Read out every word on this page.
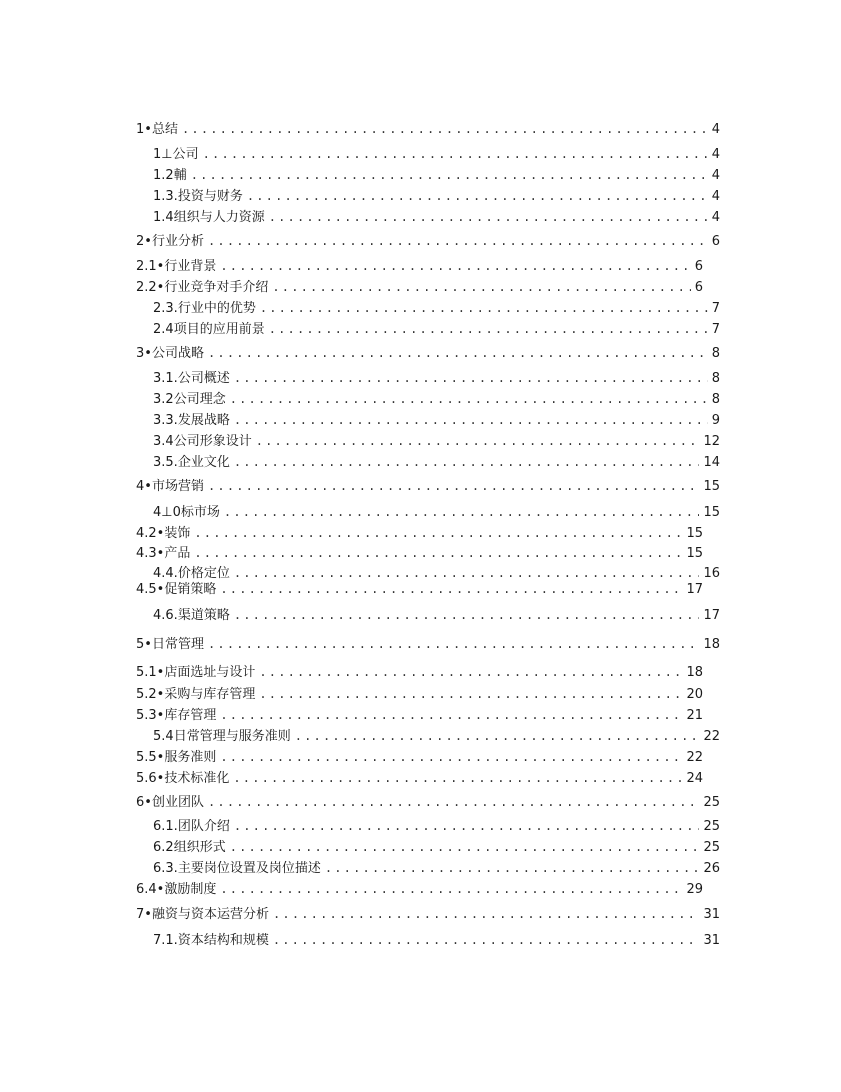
1• 总结 .....	4
1⊥ 公司 .....	4
1.2 輔 .....	4
1.3. 投资与财务 .....	4
1.4 组织与人力资源 .....	4
2• 行业分析 .....	6
2.1• 行业背景 .....	6
2.2• 行业竞争对手介绍 .....	6
2.3. 行业中的优势 .....	7
2.4 项目的应用前景 .....	7
3• 公司战略 .....	8
3.1. 公司概述 .....	8
3.2 公司理念 .....	8
3.3. 发展战略 .....	9
3.4 公司形象设计 .....	12
3.5. 企业文化 .....	14
4• 市场营销 .....	15
4⊥ 0标市场 .....	15
4.2• 装饰 .....	15
4.3• 产品 .....	15
4.4. 价格定位 .....	16
4.5• 促销策略 .....	17
4.6. 渠道策略 .....	17
5• 日常管理 .....	18
5.1• 店面选址与设计 .....	18
5.2• 采购与库存管理 .....	20
5.3• 库存管理 .....	21
5.4 日常管理与服务准则 .....	22
5.5• 服务准则 .....	22
5.6• 技术标准化 .....	24
6• 创业团队 .....	25
6.1. 团队介绍 .....	25
6.2 组织形式 .....	25
6.3. 主要岗位设置及岗位描述 .....	26
6.4• 激励制度 .....	29
7• 融资与资本运营分析 .....	31
7.1. 资本结构和规模 .....	31
